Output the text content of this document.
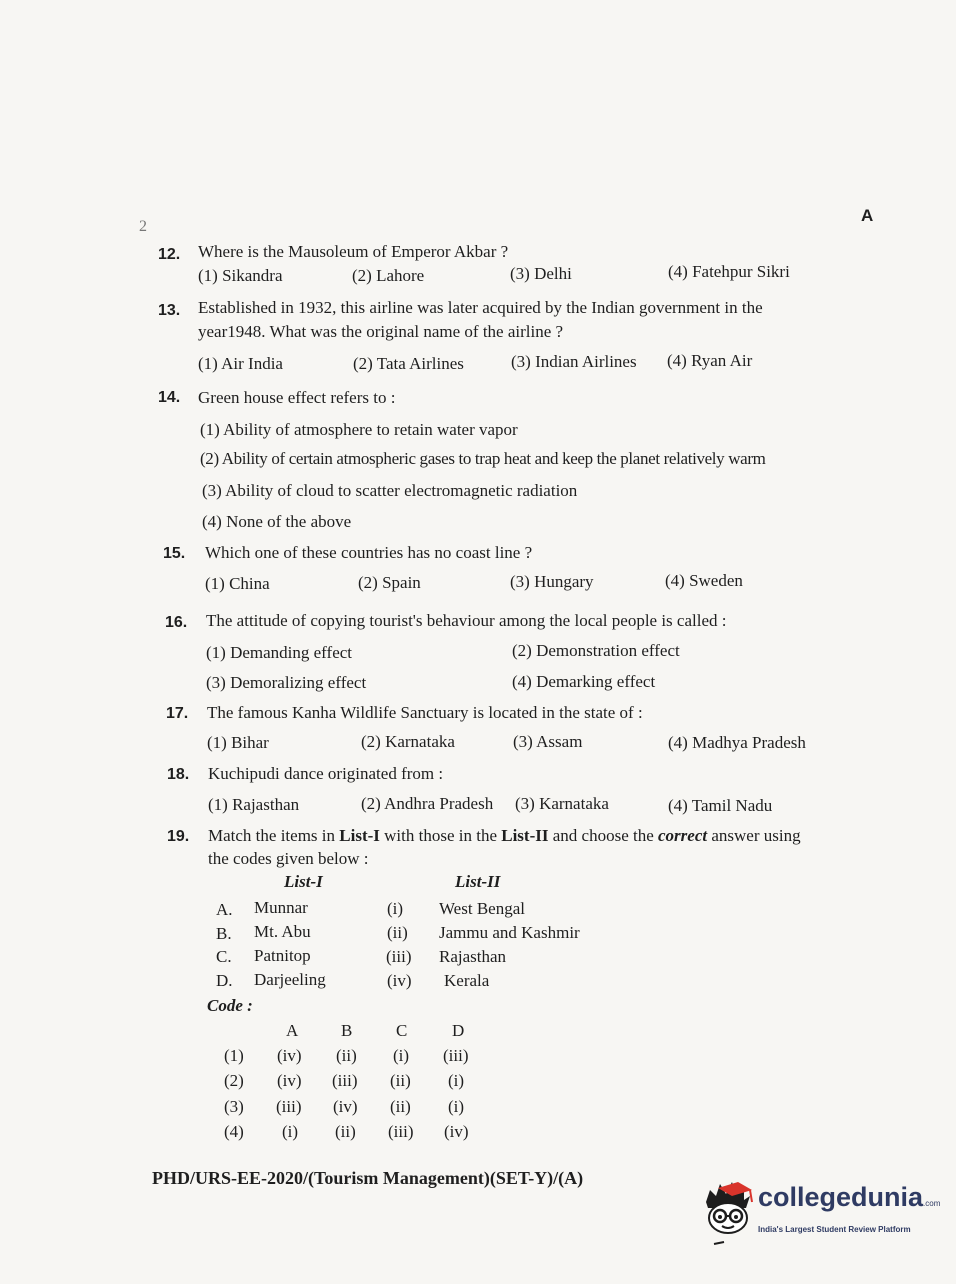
2
A
12. Where is the Mausoleum of Emperor Akbar ?
(1) Sikandra	(2) Lahore	(3) Delhi	(4) Fatehpur Sikri
13. Established in 1932, this airline was later acquired by the Indian government in the
year1948. What was the original name of the airline ?
(1) Air India	(2) Tata Airlines	(3) Indian Airlines (4) Ryan Air
14. Green house effect refers to :
(1) Ability of atmosphere to retain water vapor
(2) Ability of certain atmospheric gases to trap heat and keep the planet relatively warm
(3) Ability of cloud to scatter electromagnetic radiation
(4) None of the above
15. Which one of these countries has no coast line ?
(1) China	(2) Spain	(3) Hungary	(4) Sweden
16. The attitude of copying tourist's behaviour among the local people is called :
(1) Demanding effect	(2) Demonstration effect
(3) Demoralizing effect	(4) Demarking effect
17. The famous Kanha Wildlife Sanctuary is located in the state of :
(1) Bihar	(2) Karnataka	(3) Assam	(4) Madhya Pradesh
18. Kuchipudi dance originated from :
(1) Rajasthan	(2) Andhra Pradesh (3) Karnataka	(4) Tamil Nadu
19. Match the items in List-I with those in the List-II and choose the correct answer using
the codes given below :
List-I	List-II
A. Munnar	(i) West Bengal
B. Mt. Abu	(ii) Jammu and Kashmir
C. Patnitop	(iii) Rajasthan
D. Darjeeling	(iv) Kerala
Code :
A	B	C	D
(1) (iv) (ii) (i) (iii)
(2) (iv) (iii) (ii) (i)
(3) (iii) (iv) (ii) (i)
(4) (i) (ii) (iii) (iv)
PHD/URS-EE-2020/(Tourism Management)(SET-Y)/(A)
collegedunia.com
India's Largest Student Review Platform
